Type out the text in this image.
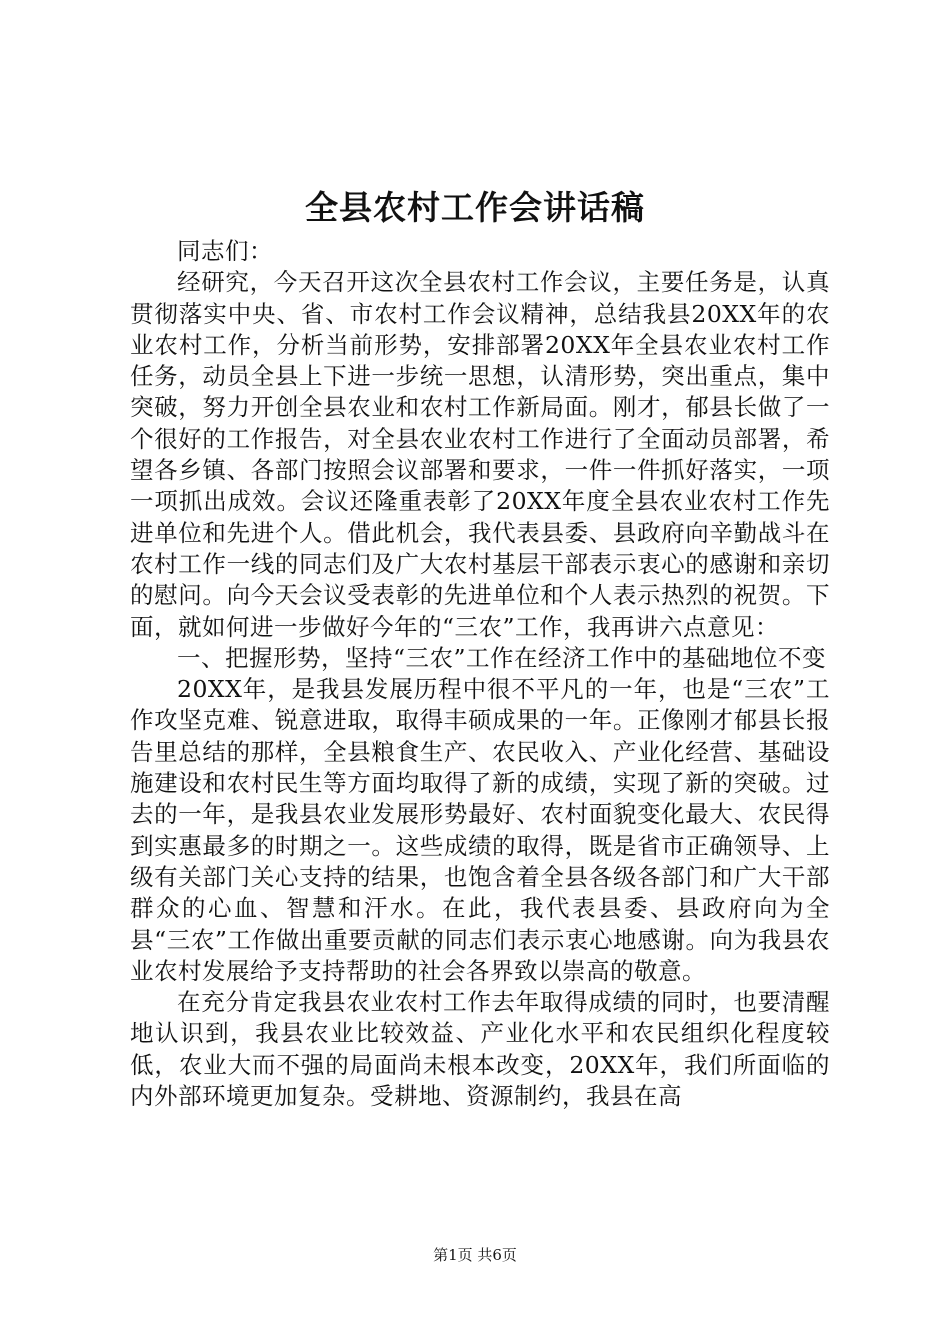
全县农村工作会讲话稿

同志们：

经研究，今天召开这次全县农村工作会议，主要任务是，认真贯彻落实中央、省、市农村工作会议精神，总结我县20XX年的农业农村工作，分析当前形势，安排部署20XX年全县农业农村工作任务，动员全县上下进一步统一思想，认清形势，突出重点，集中突破，努力开创全县农业和农村工作新局面。刚才，郁县长做了一个很好的工作报告，对全县农业农村工作进行了全面动员部署，希望各乡镇、各部门按照会议部署和要求，一件一件抓好落实，一项一项抓出成效。会议还隆重表彰了20XX年度全县农业农村工作先进单位和先进个人。借此机会，我代表县委、县政府向辛勤战斗在农村工作一线的同志们及广大农村基层干部表示衷心的感谢和亲切的慰问。向今天会议受表彰的先进单位和个人表示热烈的祝贺。下面，就如何进一步做好今年的“三农”工作，我再讲六点意见：

一、把握形势，坚持“三农”工作在经济工作中的基础地位不变

20XX年，是我县发展历程中很不平凡的一年，也是“三农”工作攻坚克难、锐意进取，取得丰硕成果的一年。正像刚才郁县长报告里总结的那样，全县粮食生产、农民收入、产业化经营、基础设施建设和农村民生等方面均取得了新的成绩，实现了新的突破。过去的一年，是我县农业发展形势最好、农村面貌变化最大、农民得到实惠最多的时期之一。这些成绩的取得，既是省市正确领导、上级有关部门关心支持的结果，也饱含着全县各级各部门和广大干部群众的心血、智慧和汗水。在此，我代表县委、县政府向为全县“三农”工作做出重要贡献的同志们表示衷心地感谢。向为我县农业农村发展给予支持帮助的社会各界致以崇高的敬意。

在充分肯定我县农业农村工作去年取得成绩的同时，也要清醒地认识到，我县农业比较效益、产业化水平和农民组织化程度较低，农业大而不强的局面尚未根本改变，20XX年，我们所面临的内外部环境更加复杂。受耕地、资源制约，我县在高

第1页 共6页
